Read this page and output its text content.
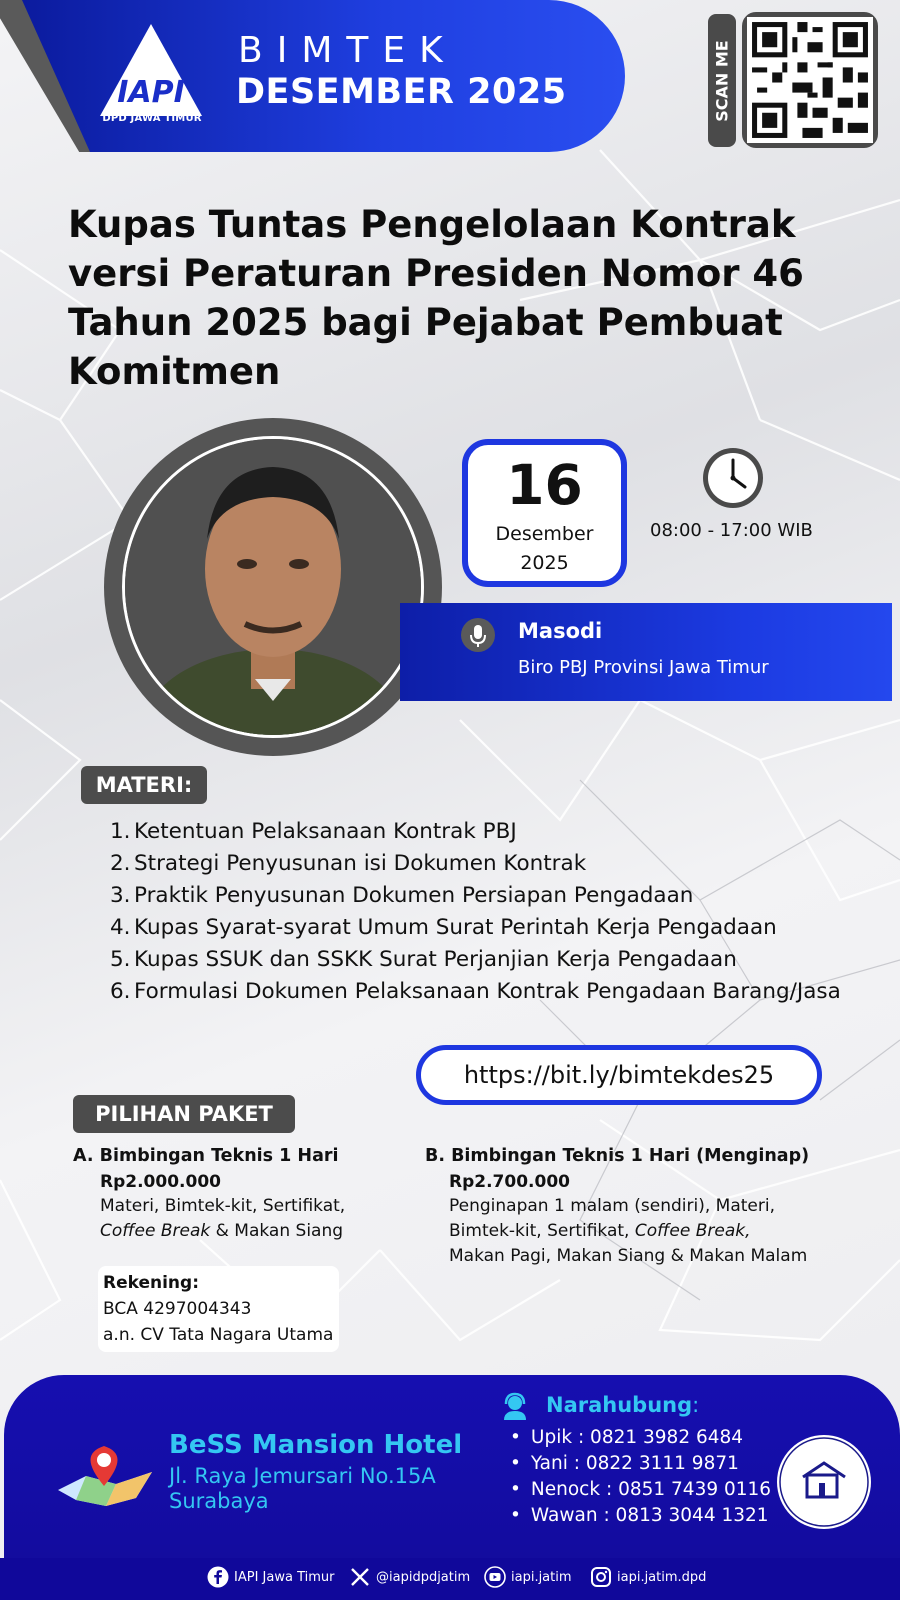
IAPI
DPD JAWA TIMUR
BIMTEK
DESEMBER 2025	SCAN ME
Kupas Tuntas Pengelolaan Kontrak versi Peraturan Presiden Nomor 46 Tahun 2025 bagi Pejabat Pembuat Komitmen
16
Desember
2025
08:00 - 17:00 WIB
Masodi
Biro PBJ Provinsi Jawa Timur
MATERI:
1. Ketentuan Pelaksanaan Kontrak PBJ
2. Strategi Penyusunan isi Dokumen Kontrak
3. Praktik Penyusunan Dokumen Persiapan Pengadaan
4. Kupas Syarat-syarat Umum Surat Perintah Kerja Pengadaan
5. Kupas SSUK dan SSKK Surat Perjanjian Kerja Pengadaan
6. Formulasi Dokumen Pelaksanaan Kontrak Pengadaan Barang/Jasa
https://bit.ly/bimtekdes25
PILIHAN PAKET
A. Bimbingan Teknis 1 Hari
Rp2.000.000
Materi, Bimtek-kit, Sertifikat,
Coffee Break & Makan Siang
Rekening:
BCA 4297004343
a.n. CV Tata Nagara Utama
B. Bimbingan Teknis 1 Hari (Menginap)
Rp2.700.000
Penginapan 1 malam (sendiri), Materi,
Bimtek-kit, Sertifikat, Coffee Break,
Makan Pagi, Makan Siang & Makan Malam
BeSS Mansion Hotel
Jl. Raya Jemursari No.15A
Surabaya
Narahubung:
• Upik : 0821 3982 6484
• Yani : 0822 3111 9871
• Nenock : 0851 7439 0116
• Wawan : 0813 3044 1321
IAPI Jawa Timur	@iapidpdjatim	iapi.jatim	iapi.jatim.dpd
